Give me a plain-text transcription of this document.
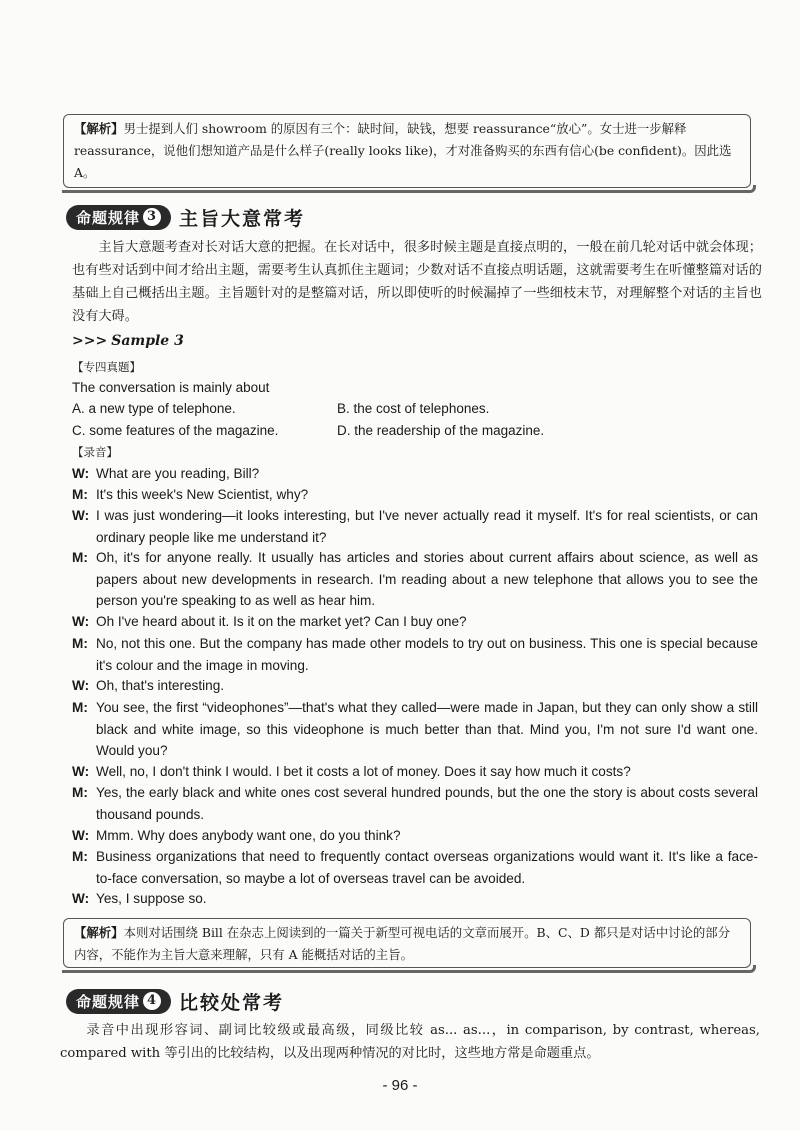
【解析】男士提到人们 showroom 的原因有三个：缺时间，缺钱，想要 reassurance“放心”。女士进一步解释 reassurance，说他们想知道产品是什么样子(really looks like)，才对准备购买的东西有信心(be confident)。因此选 A。
命题规律 3 主旨大意常考
主旨大意题考查对长对话大意的把握。在长对话中，很多时候主题是直接点明的，一般在前几轮对话中就会体现；也有些对话到中间才给出主题，需要考生认真抓住主题词；少数对话不直接点明话题，这就需要考生在听懂整篇对话的基础上自己概括出主题。主旨题针对的是整篇对话，所以即使听的时候漏掉了一些细枝末节，对理解整个对话的主旨也没有大碍。
>>> Sample 3
【专四真题】
The conversation is mainly about
A. a new type of telephone.	B. the cost of telephones.
C. some features of the magazine.	D. the readership of the magazine.
【录音】
W: What are you reading, Bill?
M: It's this week's New Scientist, why?
W: I was just wondering—it looks interesting, but I've never actually read it myself. It's for real scientists, or can ordinary people like me understand it?
M: Oh, it's for anyone really. It usually has articles and stories about current affairs about science, as well as papers about new developments in research. I'm reading about a new telephone that allows you to see the person you're speaking to as well as hear him.
W: Oh I've heard about it. Is it on the market yet? Can I buy one?
M: No, not this one. But the company has made other models to try out on business. This one is special because it's colour and the image in moving.
W: Oh, that's interesting.
M: You see, the first “videophones”—that's what they called—were made in Japan, but they can only show a still black and white image, so this videophone is much better than that. Mind you, I'm not sure I'd want one. Would you?
W: Well, no, I don't think I would. I bet it costs a lot of money. Does it say how much it costs?
M: Yes, the early black and white ones cost several hundred pounds, but the one the story is about costs several thousand pounds.
W: Mmm. Why does anybody want one, do you think?
M: Business organizations that need to frequently contact overseas organizations would want it. It's like a face-to-face conversation, so maybe a lot of overseas travel can be avoided.
W: Yes, I suppose so.
【解析】本则对话围绕 Bill 在杂志上阅读到的一篇关于新型可视电话的文章而展开。B、C、D 都只是对话中讨论的部分内容，不能作为主旨大意来理解，只有 A 能概括对话的主旨。
命题规律 4 比较处常考
录音中出现形容词、副词比较级或最高级，同级比较 as... as...，in comparison, by contrast, whereas, compared with 等引出的比较结构，以及出现两种情况的对比时，这些地方常是命题重点。
- 96 -
